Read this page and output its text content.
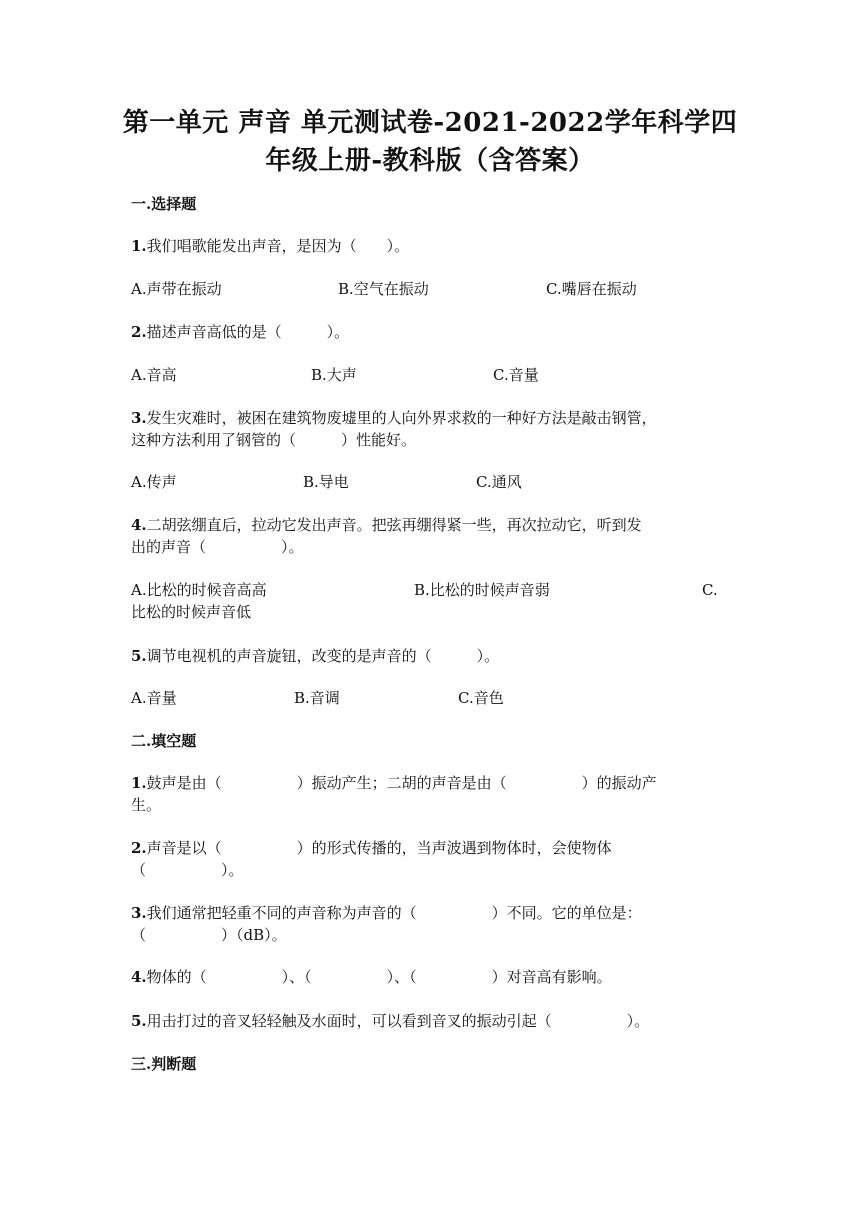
第一单元 声音 单元测试卷-2021-2022学年科学四
年级上册-教科版（含答案）
一.选择题
1.我们唱歌能发出声音，是因为（　　）。
A.声带在振动	B.空气在振动	C.嘴唇在振动
2.描述声音高低的是（　　　）。
A.音高	B.大声	C.音量
3.发生灾难时，被困在建筑物废墟里的人向外界求救的一种好方法是敲击钢管，
这种方法利用了钢管的（　　　）性能好。
A.传声	B.导电	C.通风
4.二胡弦绷直后，拉动它发出声音。把弦再绷得紧一些，再次拉动它，听到发
出的声音（　　　　　）。
A.比松的时候音高高	B.比松的时候声音弱	C.
比松的时候声音低
5.调节电视机的声音旋钮，改变的是声音的（　　　）。
A.音量	B.音调	C.音色
二.填空题
1.鼓声是由（　　　　　）振动产生；二胡的声音是由（　　　　　）的振动产
生。
2.声音是以（　　　　　）的形式传播的，当声波遇到物体时，会使物体
（　　　　　）。
3.我们通常把轻重不同的声音称为声音的（　　　　　）不同。它的单位是：
（　　　　　）（dB）。
4.物体的（　　　　　）、（　　　　　）、（　　　　　）对音高有影响。
5.用击打过的音叉轻轻触及水面时，可以看到音叉的振动引起（　　　　　）。
三.判断题
